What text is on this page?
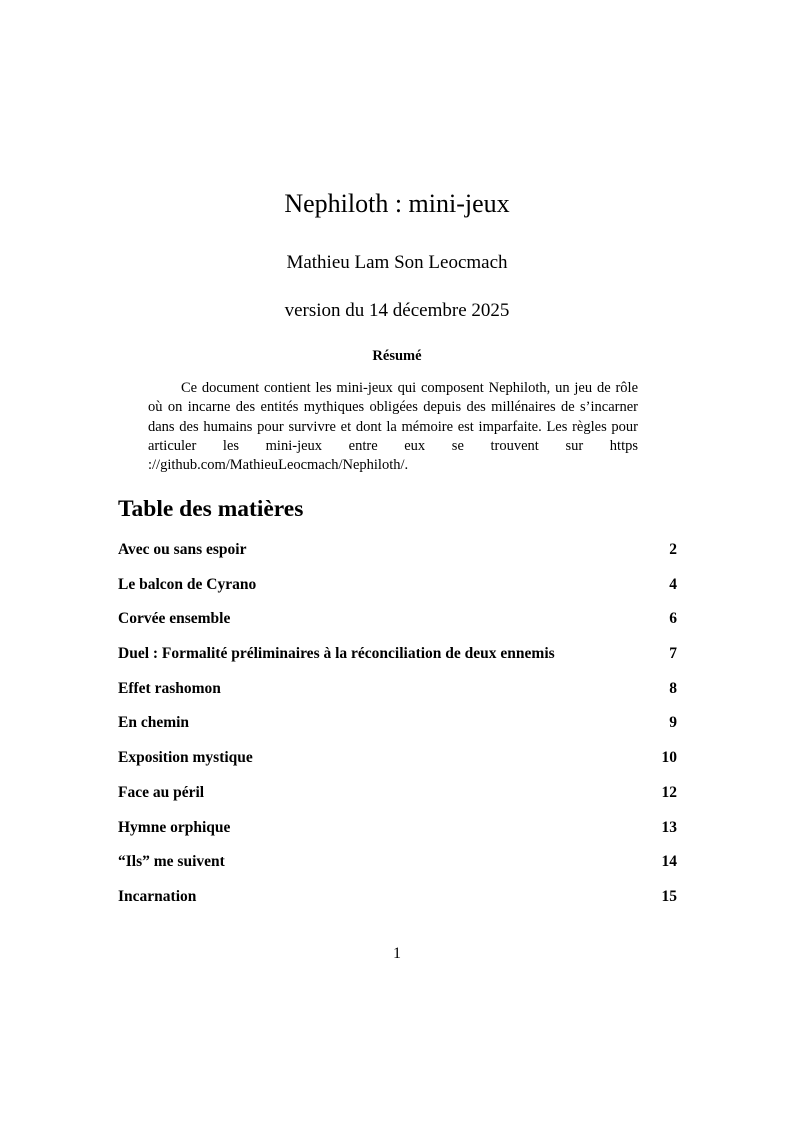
Nephiloth : mini-jeux
Mathieu Lam Son Leocmach
version du 14 décembre 2025
Résumé

Ce document contient les mini-jeux qui composent Nephiloth, un jeu de rôle où on incarne des entités mythiques obligées depuis des millénaires de s’incarner dans des humains pour survivre et dont la mémoire est imparfaite. Les règles pour articuler les mini-jeux entre eux se trouvent sur https ://github.com/MathieuLeocmach/Nephiloth/.

Table des matières
Avec ou sans espoir	2
Le balcon de Cyrano	4
Corvée ensemble	6
Duel : Formalité préliminaires à la réconciliation de deux ennemis	7
Effet rashomon	8
En chemin	9
Exposition mystique	10
Face au péril	12
Hymne orphique	13
“Ils” me suivent	14
Incarnation	15
1
